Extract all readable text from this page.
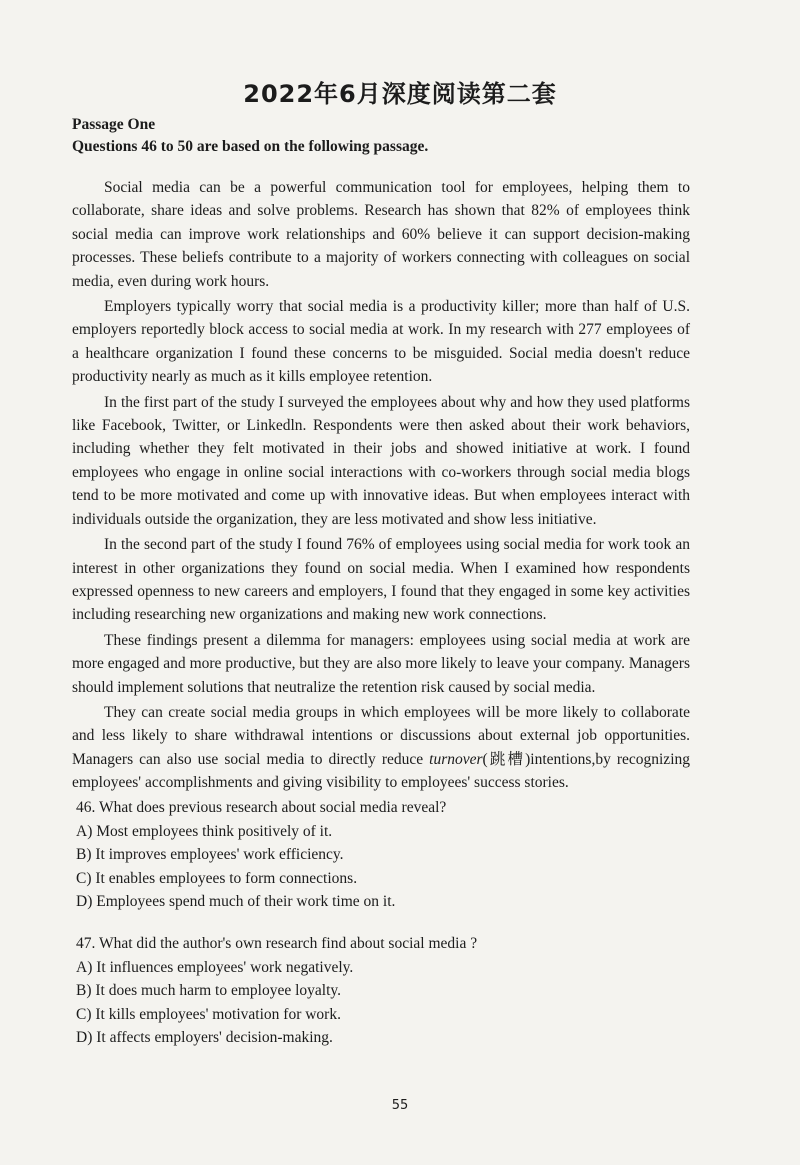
2022年6月深度阅读第二套
Passage One
Questions 46 to 50 are based on the following passage.

Social media can be a powerful communication tool for employees, helping them to collaborate, share ideas and solve problems. Research has shown that 82% of employees think social media can improve work relationships and 60% believe it can support decision-making processes. These beliefs contribute to a majority of workers connecting with colleagues on social media, even during work hours.

Employers typically worry that social media is a productivity killer; more than half of U.S. employers reportedly block access to social media at work. In my research with 277 employees of a healthcare organization I found these concerns to be misguided. Social media doesn't reduce productivity nearly as much as it kills employee retention.

In the first part of the study I surveyed the employees about why and how they used platforms like Facebook, Twitter, or Linkedln. Respondents were then asked about their work behaviors, including whether they felt motivated in their jobs and showed initiative at work. I found employees who engage in online social interactions with co-workers through social media blogs tend to be more motivated and come up with innovative ideas. But when employees interact with individuals outside the organization, they are less motivated and show less initiative.

In the second part of the study I found 76% of employees using social media for work took an interest in other organizations they found on social media. When I examined how respondents expressed openness to new careers and employers, I found that they engaged in some key activities including researching new organizations and making new work connections.

These findings present a dilemma for managers: employees using social media at work are more engaged and more productive, but they are also more likely to leave your company. Managers should implement solutions that neutralize the retention risk caused by social media.

They can create social media groups in which employees will be more likely to collaborate and less likely to share withdrawal intentions or discussions about external job opportunities. Managers can also use social media to directly reduce turnover(跳槽)intentions,by recognizing employees' accomplishments and giving visibility to employees' success stories.

46. What does previous research about social media reveal?
A) Most employees think positively of it.
B) It improves employees' work efficiency.
C) It enables employees to form connections.
D) Employees spend much of their work time on it.
47. What did the author's own research find about social media ?
A) It influences employees' work negatively.
B) It does much harm to employee loyalty.
C) It kills employees' motivation for work.
D) It affects employers' decision-making.
55
